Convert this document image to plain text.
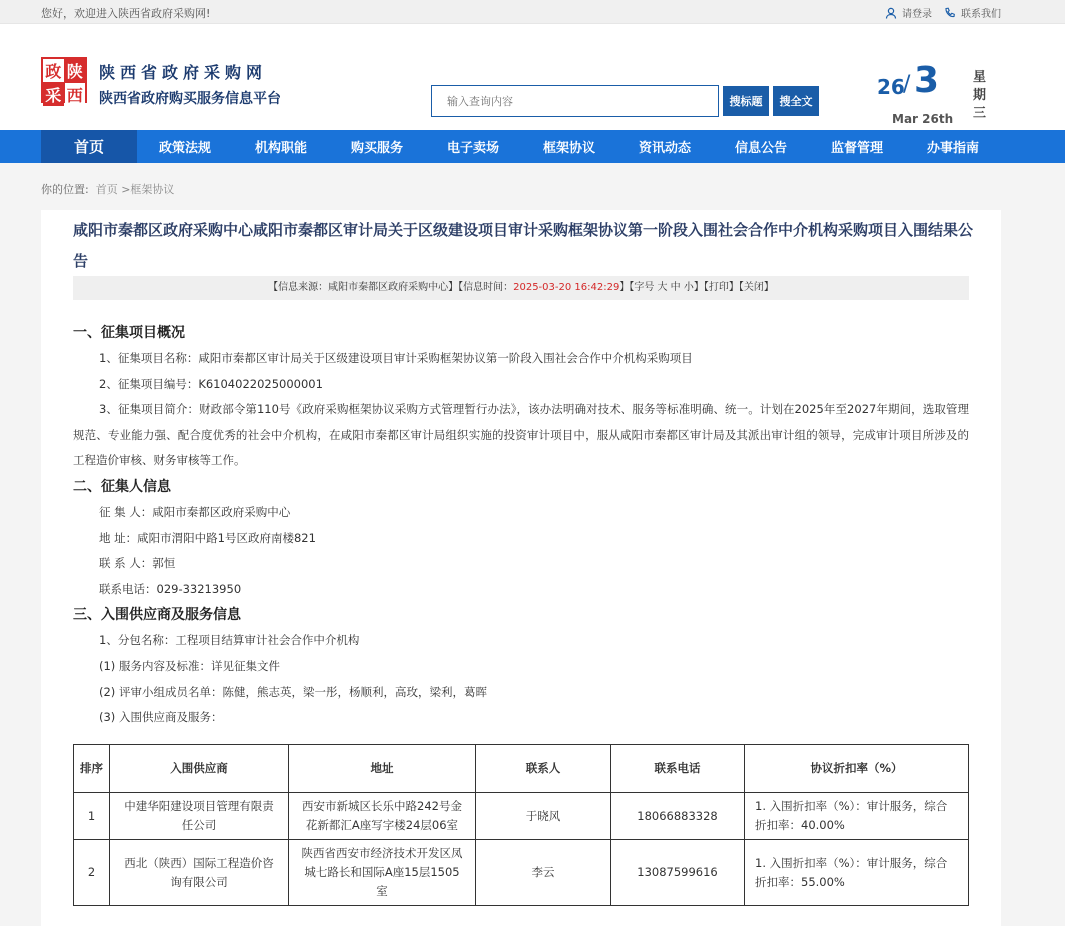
您好，欢迎进入陕西省政府采购网!	请登录	联系我们
政 陕
采 西
陕西省政府采购网
陕西省政府购买服务信息平台
输入查询内容	搜标题	搜全文
26
/ 3
Mar 26th
星期三
首页	政策法规	机构职能	购买服务	电子卖场	框架协议	资讯动态	信息公告	监督管理	办事指南
你的位置: 首页 >框架协议
咸阳市秦都区政府采购中心咸阳市秦都区审计局关于区级建设项目审计采购框架协议第一阶段入围社会合作中介机构采购项目入围结果公告
【信息来源：咸阳市秦都区政府采购中心】【信息时间：2025-03-20 16:42:29】【字号 大 中 小】【打印】【关闭】
一、征集项目概况
1、征集项目名称：咸阳市秦都区审计局关于区级建设项目审计采购框架协议第一阶段入围社会合作中介机构采购项目
2、征集项目编号：K6104022025000001
3、征集项目简介：财政部令第110号《政府采购框架协议采购方式管理暂行办法》，该办法明确对技术、服务等标准明确、统一。计划在2025年至2027年期间，选取管理规范、专业能力强、配合度优秀的社会中介机构，在咸阳市秦都区审计局组织实施的投资审计项目中，服从咸阳市秦都区审计局及其派出审计组的领导，完成审计项目所涉及的工程造价审核、财务审核等工作。
二、征集人信息
征 集 人：咸阳市秦都区政府采购中心
地 址：咸阳市渭阳中路1号区政府南楼821
联 系 人：郭恒
联系电话：029-33213950
三、入围供应商及服务信息
1、分包名称：工程项目结算审计社会合作中介机构
(1) 服务内容及标准：详见征集文件
(2) 评审小组成员名单：陈健，熊志英，梁一彤，杨顺利，高玫，梁利，葛晖
(3) 入围供应商及服务：
排序	入围供应商	地址	联系人	联系电话	协议折扣率（%）
1	中建华阳建设项目管理有限责任公司	西安市新城区长乐中路242号金花新都汇A座写字楼24层06室	于晓风	18066883328	1. 入围折扣率（%）：审计服务，综合折扣率：40.00%
2	西北（陕西）国际工程造价咨询有限公司	陕西省西安市经济技术开发区凤城七路长和国际A座15层1505室	李云	13087599616	1. 入围折扣率（%）：审计服务，综合折扣率：55.00%
